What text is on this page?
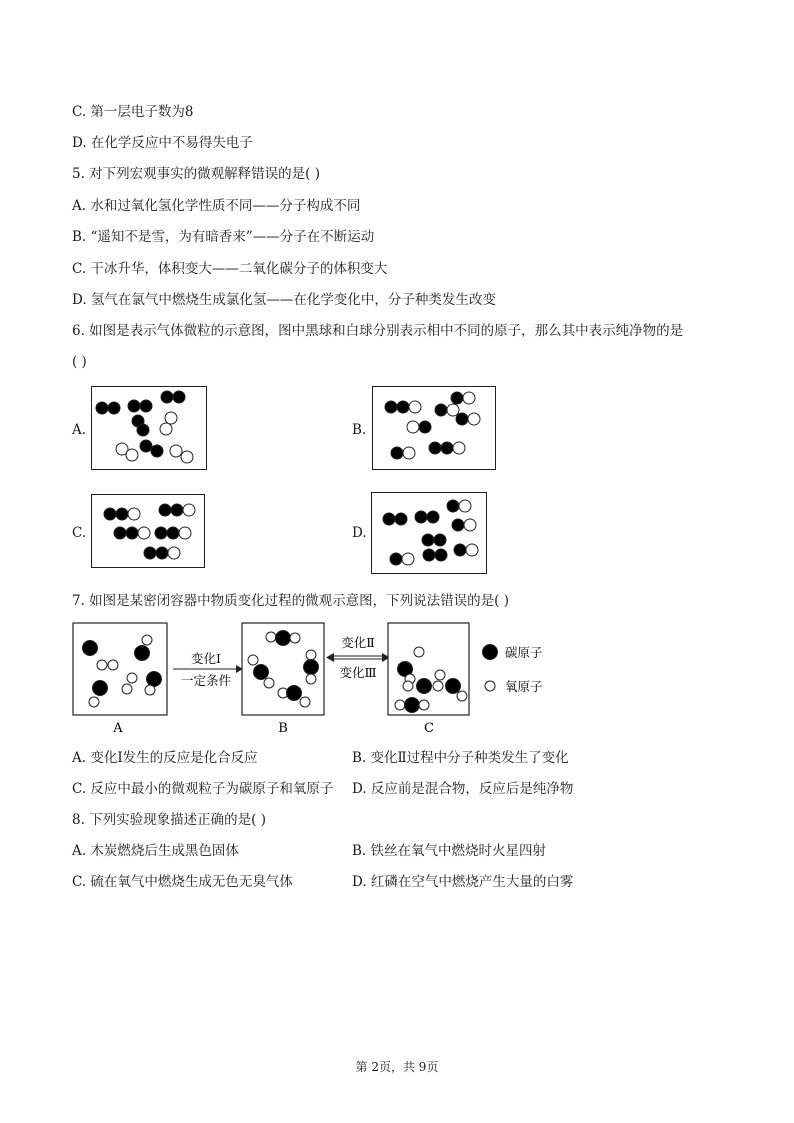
C. 第一层电子数为8
D. 在化学反应中不易得失电子
5. 对下列宏观事实的微观解释错误的是( )
A. 水和过氧化氢化学性质不同——分子构成不同
B. “遥知不是雪，为有暗香来”——分子在不断运动
C. 干冰升华，体积变大——二氧化碳分子的体积变大
D. 氢气在氯气中燃烧生成氯化氢——在化学变化中，分子种类发生改变
6. 如图是表示气体微粒的示意图，图中黑球和白球分别表示相中不同的原子，那么其中表示纯净物的是
( )
A.	B.
C.	D.
7. 如图是某密闭容器中物质变化过程的微观示意图，下列说法错误的是( )
A
变化Ⅰ
一定条件
B
变化Ⅱ
变化Ⅲ
C
碳原子
氧原子
A. 变化Ⅰ发生的反应是化合反应	B. 变化Ⅱ过程中分子种类发生了变化
C. 反应中最小的微观粒子为碳原子和氧原子 D. 反应前是混合物，反应后是纯净物
8. 下列实验现象描述正确的是( )
A. 木炭燃烧后生成黑色固体	B. 铁丝在氧气中燃烧时火星四射
C. 硫在氧气中燃烧生成无色无臭气体	D. 红磷在空气中燃烧产生大量的白雾
第 2页，共 9页
